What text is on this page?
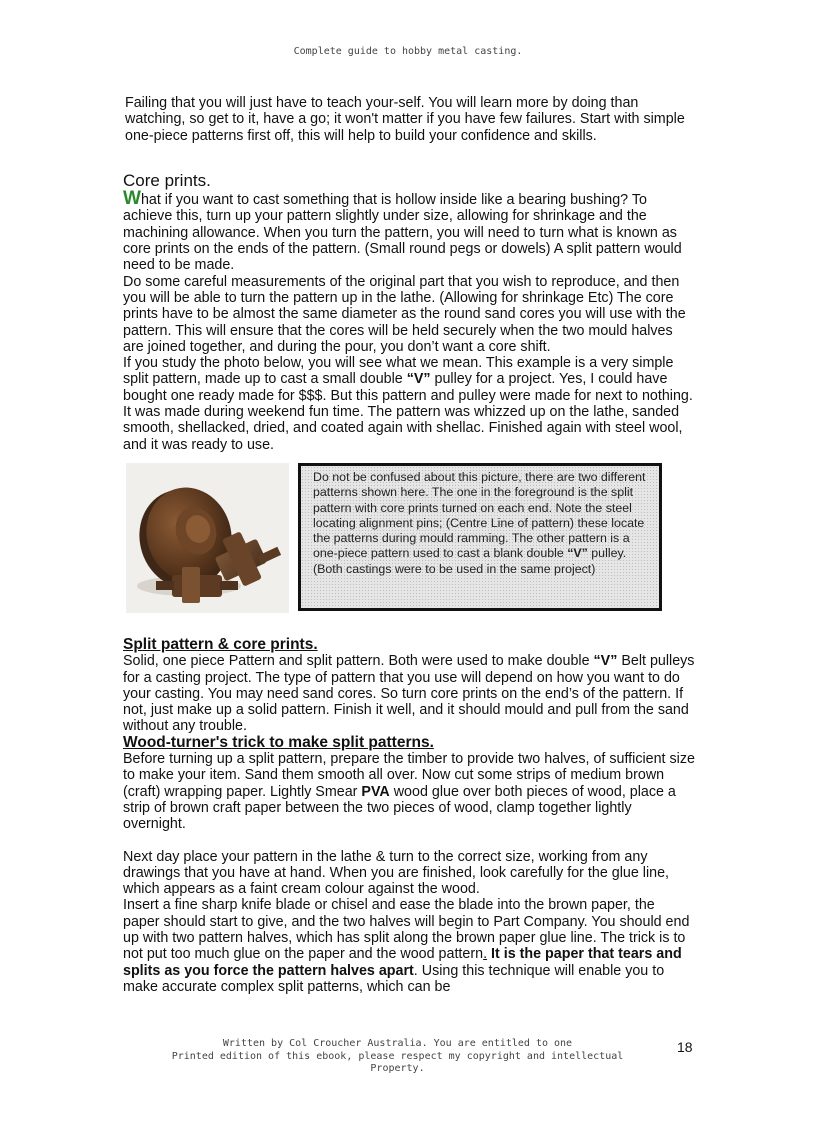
Complete guide to hobby metal casting.

Failing that you will just have to teach your-self. You will learn more by doing than watching, so get to it, have a go; it won't matter if you have few failures. Start with simple one-piece patterns first off, this will help to build your confidence and skills.

Core prints.

What if you want to cast something that is hollow inside like a bearing bushing? To achieve this, turn up your pattern slightly under size, allowing for shrinkage and the machining allowance. When you turn the pattern, you will need to turn what is known as core prints on the ends of the pattern. (Small round pegs or dowels) A split pattern would need to be made.

Do some careful measurements of the original part that you wish to reproduce, and then you will be able to turn the pattern up in the lathe. (Allowing for shrinkage Etc) The core prints have to be almost the same diameter as the round sand cores you will use with the pattern. This will ensure that the cores will be held securely when the two mould halves are joined together, and during the pour, you don’t want a core shift.

If you study the photo below, you will see what we mean. This example is a very simple split pattern, made up to cast a small double “V” pulley for a project. Yes, I could have bought one ready made for $$$. But this pattern and pulley were made for next to nothing. It was made during weekend fun time. The pattern was whizzed up on the lathe, sanded smooth, shellacked, dried, and coated again with shellac. Finished again with steel wool, and it was ready to use.

Do not be confused about this picture, there are two different patterns shown here. The one in the foreground is the split pattern with core prints turned on each end. Note the steel locating alignment pins; (Centre Line of pattern) these locate the patterns during mould ramming. The other pattern is a one-piece pattern used to cast a blank double “V” pulley. (Both castings were to be used in the same project)

Split pattern & core prints.

Solid, one piece Pattern and split pattern. Both were used to make double “V” Belt pulleys for a casting project. The type of pattern that you use will depend on how you want to do your casting. You may need sand cores. So turn core prints on the end’s of the pattern. If not, just make up a solid pattern. Finish it well, and it should mould and pull from the sand without any trouble.

Wood-turner's trick to make split patterns.

Before turning up a split pattern, prepare the timber to provide two halves, of sufficient size to make your item. Sand them smooth all over. Now cut some strips of medium brown (craft) wrapping paper. Lightly Smear PVA wood glue over both pieces of wood, place a strip of brown craft paper between the two pieces of wood, clamp together lightly overnight.

Next day place your pattern in the lathe & turn to the correct size, working from any drawings that you have at hand. When you are finished, look carefully for the glue line, which appears as a faint cream colour against the wood.

Insert a fine sharp knife blade or chisel and ease the blade into the brown paper, the paper should start to give, and the two halves will begin to Part Company. You should end up with two pattern halves, which has split along the brown paper glue line. The trick is to not put too much glue on the paper and the wood pattern. It is the paper that tears and splits as you force the pattern halves apart. Using this technique will enable you to make accurate complex split patterns, which can be

Written by Col Croucher Australia. You are entitled to one
Printed edition of this ebook, please respect my copyright and intellectual
Property.
18
